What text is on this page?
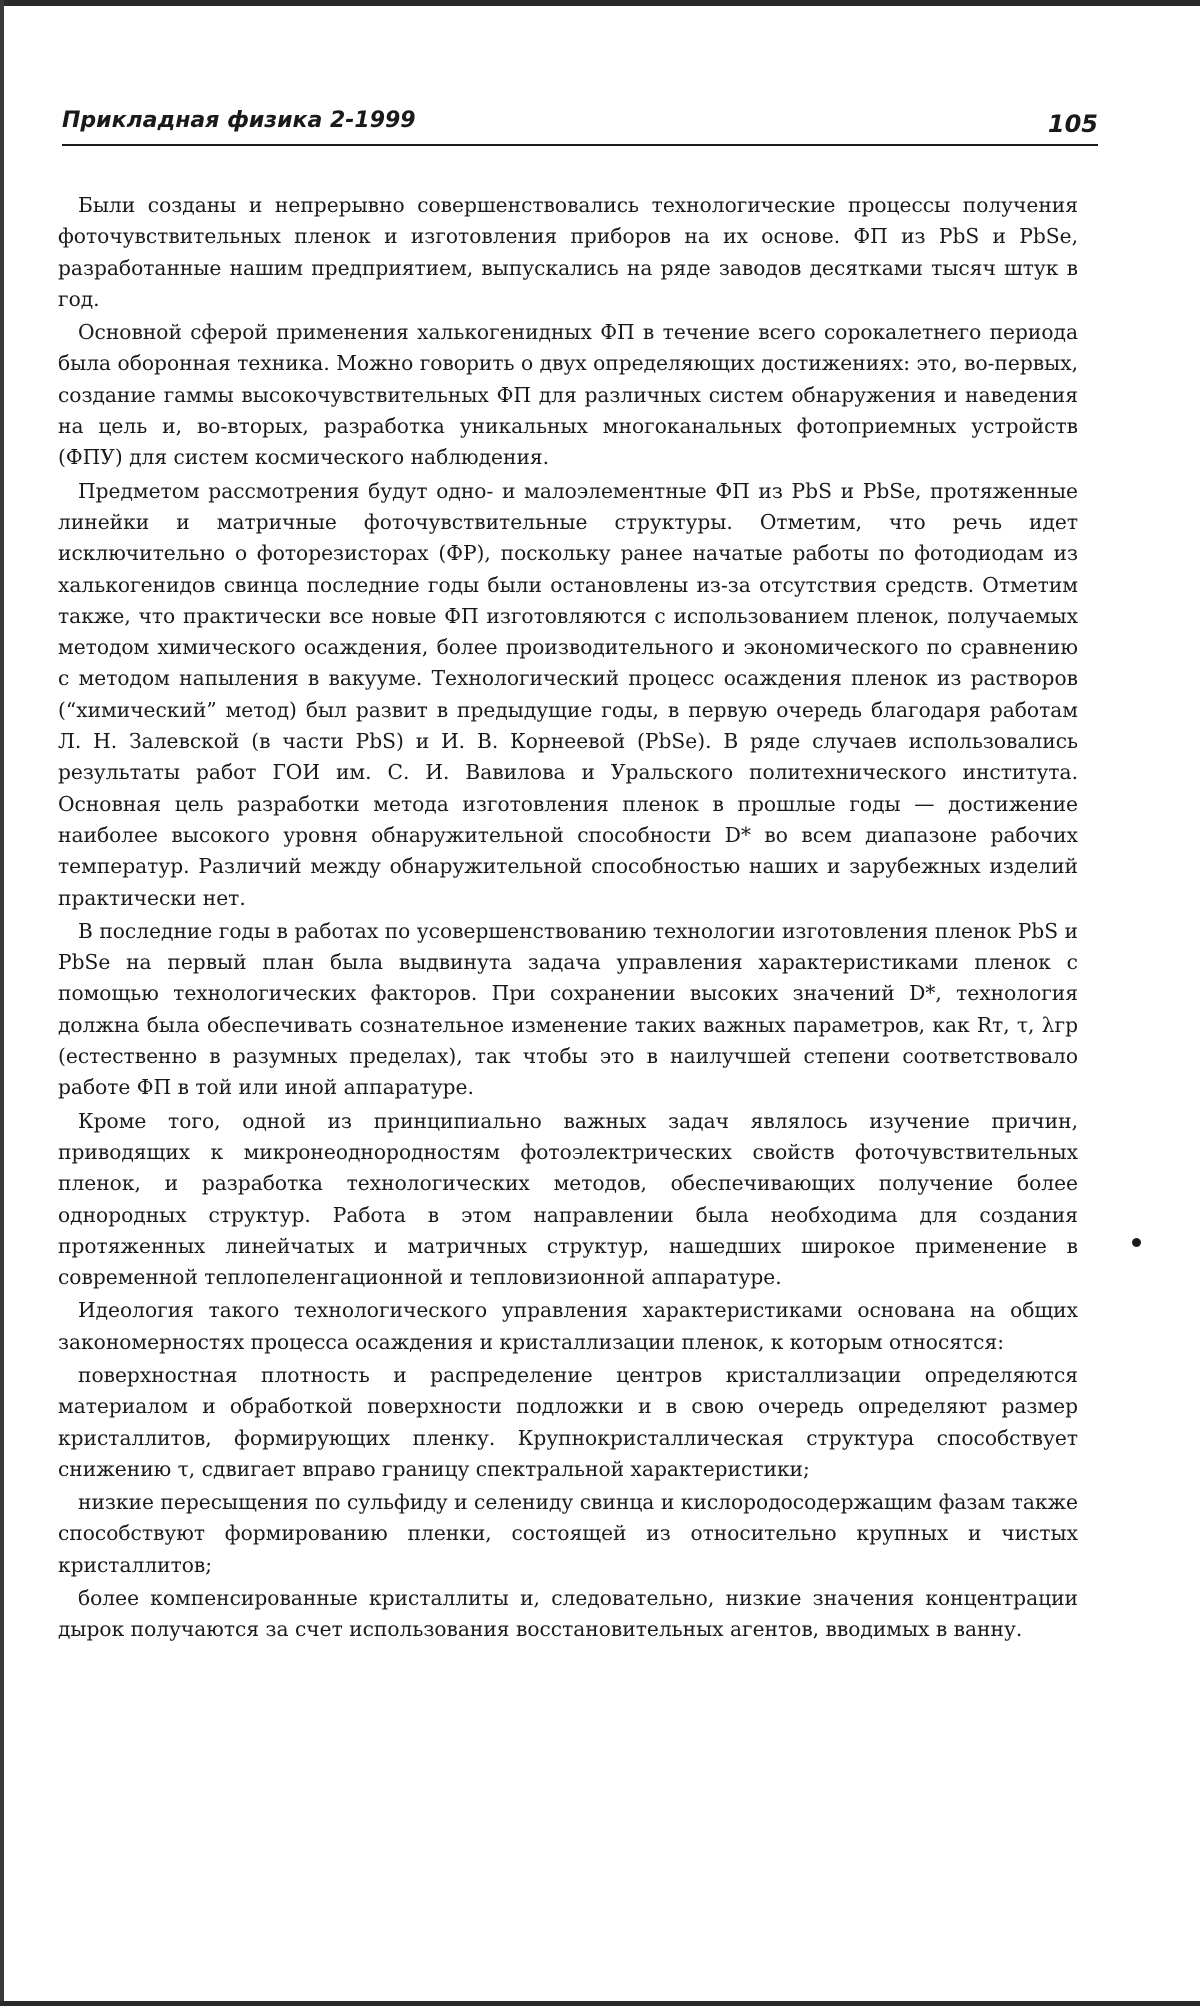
Прикладная физика 2-1999	105

Были созданы и непрерывно совершенствовались технологические процессы получения фоточувствительных пленок и изготовления приборов на их основе. ФП из PbS и PbSe, разработанные нашим предприятием, выпускались на ряде заводов десятками тысяч штук в год.

Основной сферой применения халькогенидных ФП в течение всего сорокалетнего периода была оборонная техника. Можно говорить о двух определяющих достижениях: это, во-первых, создание гаммы высокочувствительных ФП для различных систем обнаружения и наведения на цель и, во-вторых, разработка уникальных многоканальных фотоприемных устройств (ФПУ) для систем космического наблюдения.

Предметом рассмотрения будут одно- и малоэлементные ФП из PbS и PbSe, протяженные линейки и матричные фоточувствительные структуры. Отметим, что речь идет исключительно о фоторезисторах (ФР), поскольку ранее начатые работы по фотодиодам из халькогенидов свинца последние годы были остановлены из-за отсутствия средств. Отметим также, что практически все новые ФП изготовляются с использованием пленок, получаемых методом химического осаждения, более производительного и экономического по сравнению с методом напыления в вакууме. Технологический процесс осаждения пленок из растворов (“химический” метод) был развит в предыдущие годы, в первую очередь благодаря работам Л. Н. Залевской (в части PbS) и И. В. Корнеевой (PbSe). В ряде случаев использовались результаты работ ГОИ им. С. И. Вавилова и Уральского политехнического института. Основная цель разработки метода изготовления пленок в прошлые годы — достижение наиболее высокого уровня обнаружительной способности D* во всем диапазоне рабочих температур. Различий между обнаружительной способностью наших и зарубежных изделий практически нет.

В последние годы в работах по усовершенствованию технологии изготовления пленок PbS и PbSe на первый план была выдвинута задача управления характеристиками пленок с помощью технологических факторов. При сохранении высоких значений D*, технология должна была обеспечивать сознательное изменение таких важных параметров, как Rт, τ, λгр (естественно в разумных пределах), так чтобы это в наилучшей степени соответствовало работе ФП в той или иной аппаратуре.

Кроме того, одной из принципиально важных задач являлось изучение причин, приводящих к микронеоднородностям фотоэлектрических свойств фоточувствительных пленок, и разработка технологических методов, обеспечивающих получение более однородных структур. Работа в этом направлении была необходима для создания протяженных линейчатых и матричных структур, нашедших широкое применение в современной теплопеленгационной и тепловизионной аппаратуре.

Идеология такого технологического управления характеристиками основана на общих закономерностях процесса осаждения и кристаллизации пленок, к которым относятся:

поверхностная плотность и распределение центров кристаллизации определяются материалом и обработкой поверхности подложки и в свою очередь определяют размер кристаллитов, формирующих пленку. Крупнокристаллическая структура способствует снижению τ, сдвигает вправо границу спектральной характеристики;

низкие пересыщения по сульфиду и селениду свинца и кислородосодержащим фазам также способствуют формированию пленки, состоящей из относительно крупных и чистых кристаллитов;

более компенсированные кристаллиты и, следовательно, низкие значения концентрации дырок получаются за счет использования восстановительных агентов, вводимых в ванну.
